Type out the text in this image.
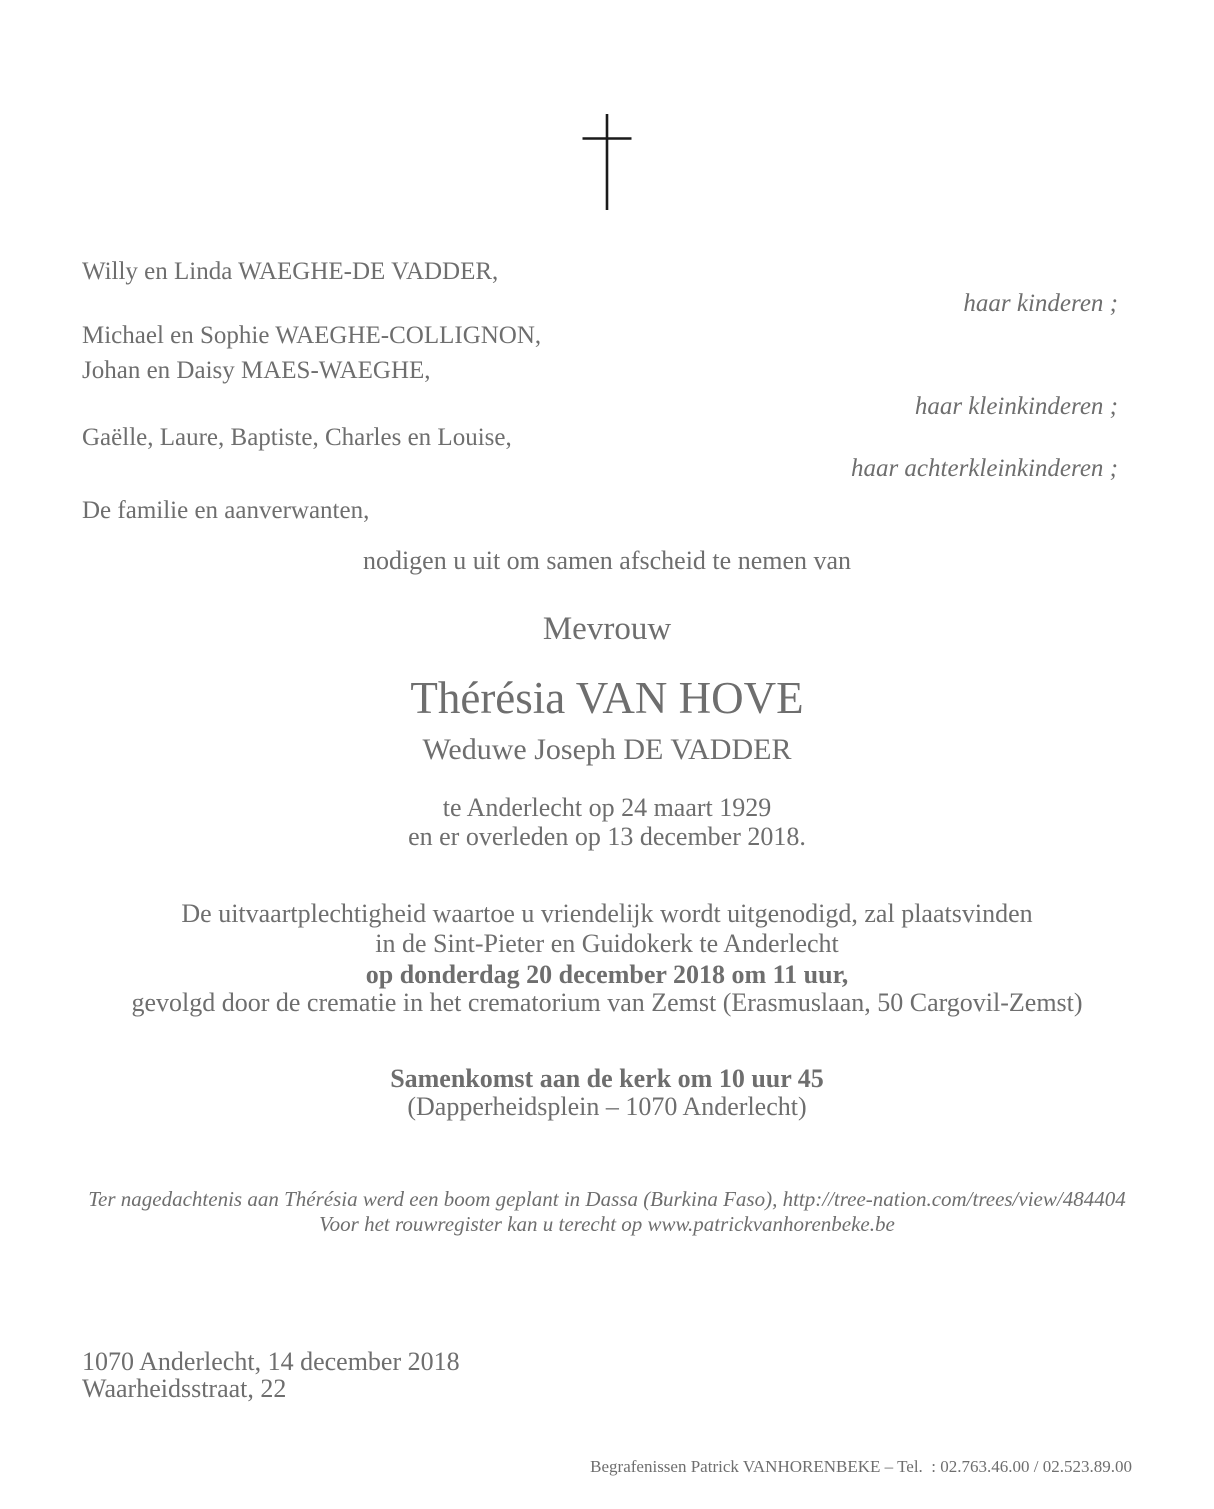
Willy en Linda WAEGHE-DE VADDER,
haar kinderen ;
Michael en Sophie WAEGHE-COLLIGNON,
Johan en Daisy MAES-WAEGHE,
haar kleinkinderen ;
Gaëlle, Laure, Baptiste, Charles en Louise,
haar achterkleinkinderen ;
De familie en aanverwanten,
nodigen u uit om samen afscheid te nemen van
Mevrouw
Thérésia VAN HOVE
Weduwe Joseph DE VADDER
te Anderlecht op 24 maart 1929
en er overleden op 13 december 2018.
De uitvaartplechtigheid waartoe u vriendelijk wordt uitgenodigd, zal plaatsvinden
in de Sint-Pieter en Guidokerk te Anderlecht
op donderdag 20 december 2018 om 11 uur,
gevolgd door de crematie in het crematorium van Zemst (Erasmuslaan, 50 Cargovil-Zemst)
Samenkomst aan de kerk om 10 uur 45
(Dapperheidsplein – 1070 Anderlecht)
Ter nagedachtenis aan Thérésia werd een boom geplant in Dassa (Burkina Faso), http://tree-nation.com/trees/view/484404
Voor het rouwregister kan u terecht op www.patrickvanhorenbeke.be
1070 Anderlecht, 14 december 2018
Waarheidsstraat, 22
Begrafenissen Patrick VANHORENBEKE – Tel.  : 02.763.46.00 / 02.523.89.00
